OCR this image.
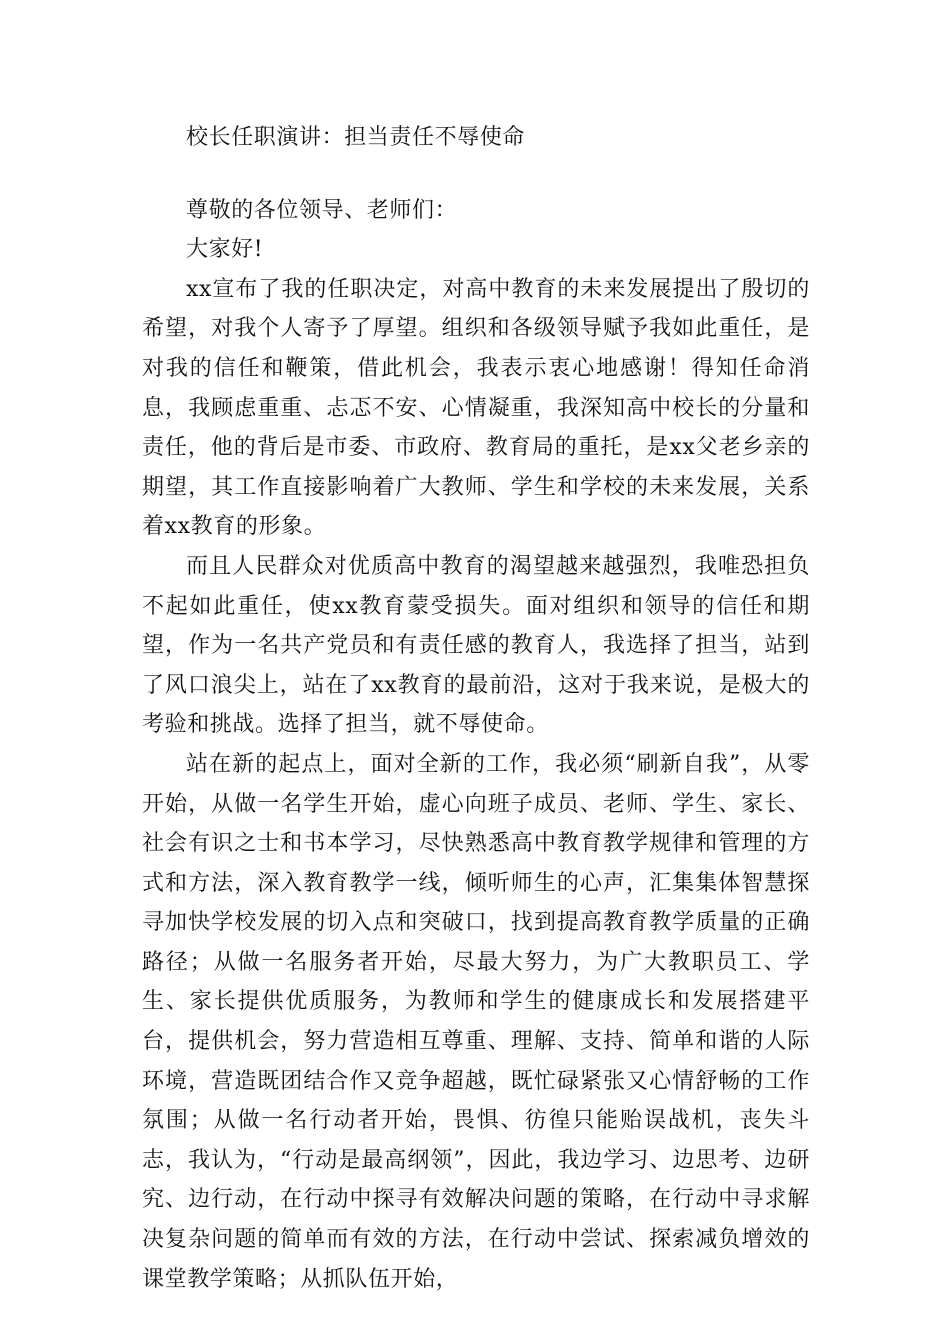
校长任职演讲：担当责任不辱使命

尊敬的各位领导、老师们：

大家好!

xx宣布了我的任职决定，对高中教育的未来发展提出了殷切的希望，对我个人寄予了厚望。组织和各级领导赋予我如此重任，是对我的信任和鞭策，借此机会，我表示衷心地感谢！得知任命消息，我顾虑重重、忐忑不安、心情凝重，我深知高中校长的分量和责任，他的背后是市委、市政府、教育局的重托，是xx父老乡亲的期望，其工作直接影响着广大教师、学生和学校的未来发展，关系着xx教育的形象。

而且人民群众对优质高中教育的渴望越来越强烈，我唯恐担负不起如此重任，使xx教育蒙受损失。面对组织和领导的信任和期望，作为一名共产党员和有责任感的教育人，我选择了担当，站到了风口浪尖上，站在了xx教育的最前沿，这对于我来说，是极大的考验和挑战。选择了担当，就不辱使命。

站在新的起点上，面对全新的工作，我必须“刷新自我”，从零开始，从做一名学生开始，虚心向班子成员、老师、学生、家长、社会有识之士和书本学习，尽快熟悉高中教育教学规律和管理的方式和方法，深入教育教学一线，倾听师生的心声，汇集集体智慧探寻加快学校发展的切入点和突破口，找到提高教育教学质量的正确路径；从做一名服务者开始，尽最大努力，为广大教职员工、学生、家长提供优质服务，为教师和学生的健康成长和发展搭建平台，提供机会，努力营造相互尊重、理解、支持、简单和谐的人际环境，营造既团结合作又竞争超越，既忙碌紧张又心情舒畅的工作氛围；从做一名行动者开始，畏惧、彷徨只能贻误战机，丧失斗志，我认为，“行动是最高纲领”，因此，我边学习、边思考、边研究、边行动，在行动中探寻有效解决问题的策略，在行动中寻求解决复杂问题的简单而有效的方法，在行动中尝试、探索减负增效的课堂教学策略；从抓队伍开始，
